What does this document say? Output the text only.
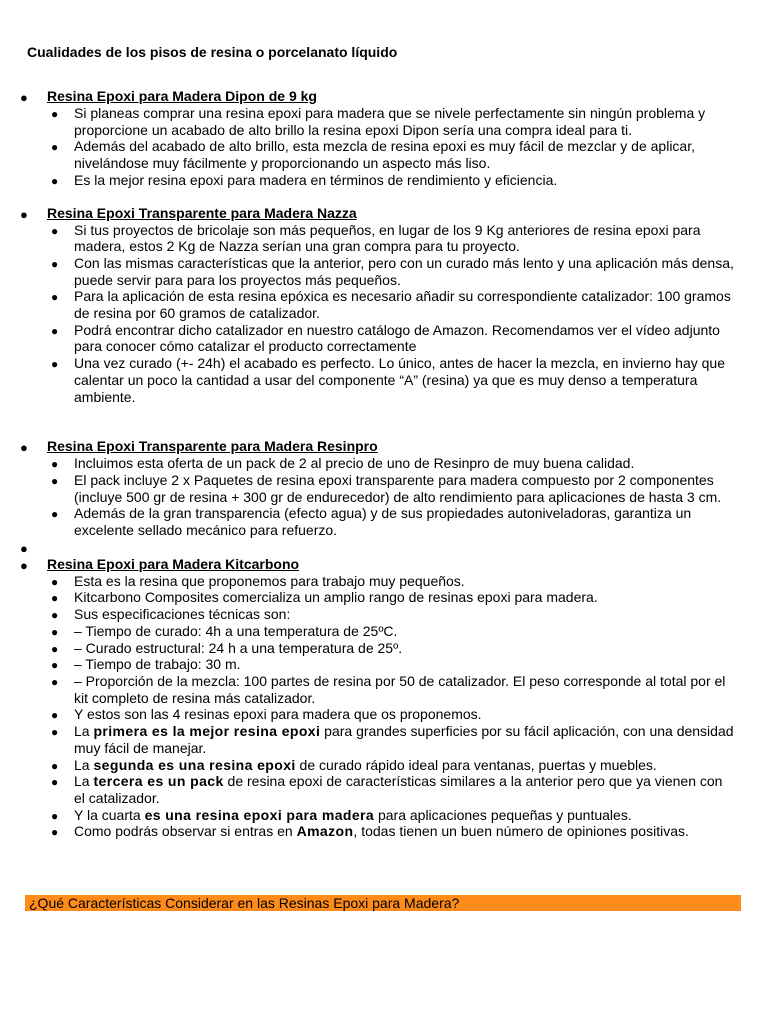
Cualidades de los pisos de resina o porcelanato líquido
● Resina Epoxi para Madera Dipon de 9 kg
● Si planeas comprar una resina epoxi para madera que se nivele perfectamente sin ningún problema y proporcione un acabado de alto brillo la resina epoxi Dipon sería una compra ideal para ti.
● Además del acabado de alto brillo, esta mezcla de resina epoxi es muy fácil de mezclar y de aplicar, nivelándose muy fácilmente y proporcionando un aspecto más liso.
● Es la mejor resina epoxi para madera en términos de rendimiento y eficiencia.
● Resina Epoxi Transparente para Madera Nazza
● Si tus proyectos de bricolaje son más pequeños, en lugar de los 9 Kg anteriores de resina epoxi para madera, estos 2 Kg de Nazza serían una gran compra para tu proyecto.
● Con las mismas características que la anterior, pero con un curado más lento y una aplicación más densa, puede servir para para los proyectos más pequeños.
● Para la aplicación de esta resina epóxica es necesario añadir su correspondiente catalizador: 100 gramos de resina por 60 gramos de catalizador.
● Podrá encontrar dicho catalizador en nuestro catálogo de Amazon. Recomendamos ver el vídeo adjunto para conocer cómo catalizar el producto correctamente
● Una vez curado (+- 24h) el acabado es perfecto. Lo único, antes de hacer la mezcla, en invierno hay que calentar un poco la cantidad a usar del componente “A” (resina) ya que es muy denso a temperatura ambiente.
● Resina Epoxi Transparente para Madera Resinpro
● Incluimos esta oferta de un pack de 2 al precio de uno de Resinpro de muy buena calidad.
● El pack incluye 2 x Paquetes de resina epoxi transparente para madera compuesto por 2 componentes (incluye 500 gr de resina + 300 gr de endurecedor) de alto rendimiento para aplicaciones de hasta 3 cm.
● Además de la gran transparencia (efecto agua) y de sus propiedades autoniveladoras, garantiza un excelente sellado mecánico para refuerzo.
●
● Resina Epoxi para Madera Kitcarbono
● Esta es la resina que proponemos para trabajo muy pequeños.
● Kitcarbono Composites comercializa un amplio rango de resinas epoxi para madera.
● Sus especificaciones técnicas son:
● – Tiempo de curado: 4h a una temperatura de 25ºC.
● – Curado estructural: 24 h a una temperatura de 25º.
● – Tiempo de trabajo: 30 m.
● – Proporción de la mezcla: 100 partes de resina por 50 de catalizador. El peso corresponde al total por el kit completo de resina más catalizador.
● Y estos son las 4 resinas epoxi para madera que os proponemos.
● La primera es la mejor resina epoxi para grandes superficies por su fácil aplicación, con una densidad muy fácil de manejar.
● La segunda es una resina epoxi de curado rápido ideal para ventanas, puertas y muebles.
● La tercera es un pack de resina epoxi de características similares a la anterior pero que ya vienen con el catalizador.
● Y la cuarta es una resina epoxi para madera para aplicaciones pequeñas y puntuales.
● Como podrás observar si entras en Amazon, todas tienen un buen número de opiniones positivas.
¿Qué Características Considerar en las Resinas Epoxi para Madera?
